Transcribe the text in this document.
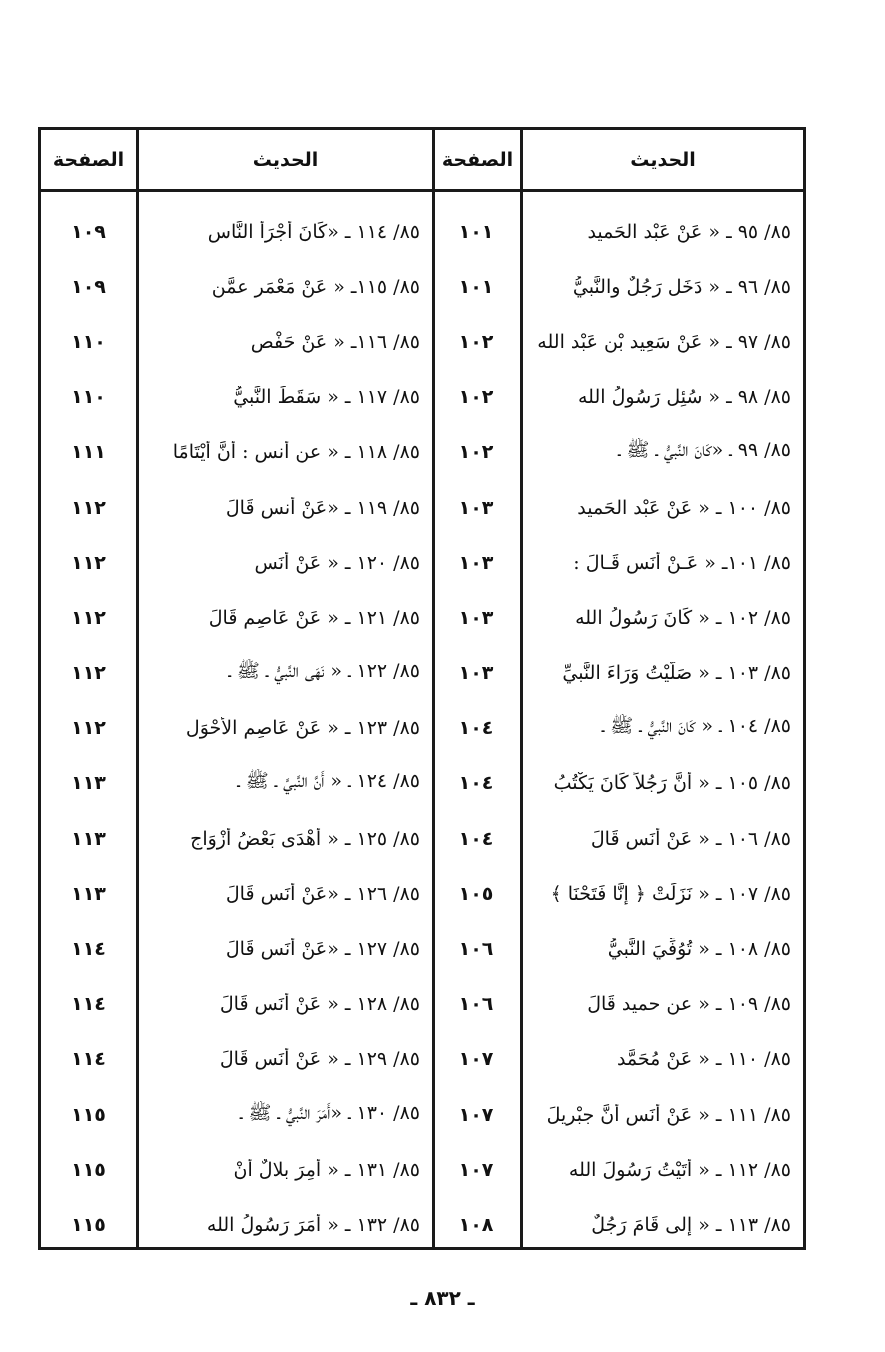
الحديث
الصفحة
الحديث
الصفحة
٨٥/ ٩٥ ـ « عَنْ عَبْد الحَميد
١٠١
٨٥/ ١١٤ ـ «كَانَ أَجْرَأُ النَّاسِ
١٠٩
٨٥/ ٩٦ ـ « دَخَل رَجُلٌ والنَّبيُّ
١٠١
٨٥/ ١١٥ـ « عَنْ مَعْمَر عمَّن
١٠٩
٨٥/ ٩٧ ـ « عَنْ سَعِيد بْن عَبْد الله
١٠٢
٨٥/ ١١٦ـ « عَنْ حَفْص
١١٠
٨٥/ ٩٨ ـ « سُئِل رَسُولُ الله
١٠٢
٨٥/ ١١٧ ـ « سَقَطَ النَّبيُّ
١١٠
٨٥/ ٩٩ ـ «كَانَ النَّبيُّ ـ ﷺ ـ
١٠٢
٨٥/ ١١٨ ـ « عن أنس : أَنَّ أَيْتَامًا
١١١
٨٥/ ١٠٠ ـ « عَنْ عَبْد الحَميد
١٠٣
٨٥/ ١١٩ ـ «عَنْ أَنس قَالَ
١١٢
٨٥/ ١٠١ـ « عَـنْ أَنَس قَـالَ :
١٠٣
٨٥/ ١٢٠ ـ « عَنْ أَنَس
١١٢
٨٥/ ١٠٢ ـ « كَانَ رَسُولُ الله
١٠٣
٨٥/ ١٢١ ـ « عَنْ عَاصِم قَالَ
١١٢
٨٥/ ١٠٣ ـ « صَلَّيْتُ وَرَاءَ النَّبيِّ
١٠٣
٨٥/ ١٢٢ ـ « نَهَى النَّبيُّ ـ ﷺ ـ
١١٢
٨٥/ ١٠٤ ـ « كَانَ النَّبيُّ ـ ﷺ ـ
١٠٤
٨٥/ ١٢٣ ـ « عَنْ عَاصِم الأحْوَل
١١٢
٨٥/ ١٠٥ ـ « أَنَّ رَجُلاً كَانَ يَكْتُبُ
١٠٤
٨٥/ ١٢٤ ـ « أَنَّ النَّبيَّ ـ ﷺ ـ
١١٣
٨٥/ ١٠٦ ـ « عَنْ أَنَس قَالَ
١٠٤
٨٥/ ١٢٥ ـ « أَهْدَى بَعْضُ أَزْوَاجِ
١١٣
٨٥/ ١٠٧ ـ « نَزَلَتْ ﴿ إِنَّا فَتَحْنَا ﴾
١٠٥
٨٥/ ١٢٦ ـ «عَنْ أَنَس قَالَ
١١٣
٨٥/ ١٠٨ ـ « تُوُفِّيَ النَّبيُّ
١٠٦
٨٥/ ١٢٧ ـ «عَنْ أَنَس قَالَ
١١٤
٨٥/ ١٠٩ ـ « عن حميد قَالَ
١٠٦
٨٥/ ١٢٨ ـ « عَنْ أَنَس قَالَ
١١٤
٨٥/ ١١٠ ـ « عَنْ مُحَمَّد
١٠٧
٨٥/ ١٢٩ ـ « عَنْ أَنَس قَالَ
١١٤
٨٥/ ١١١ ـ « عَنْ أَنَس أَنَّ جبْريلَ
١٠٧
٨٥/ ١٣٠ ـ «أَمَرَ النَّبيُّ ـ ﷺ ـ
١١٥
٨٥/ ١١٢ ـ « أَتَيْتُ رَسُولَ الله
١٠٧
٨٥/ ١٣١ ـ « أُمِرَ بلالٌ أَنْ
١١٥
٨٥/ ١١٣ ـ « إِلى قَامَ رَجُلٌ
١٠٨
٨٥/ ١٣٢ ـ « أَمَرَ رَسُولُ الله
١١٥
ـ ٨٣٢ ـ
